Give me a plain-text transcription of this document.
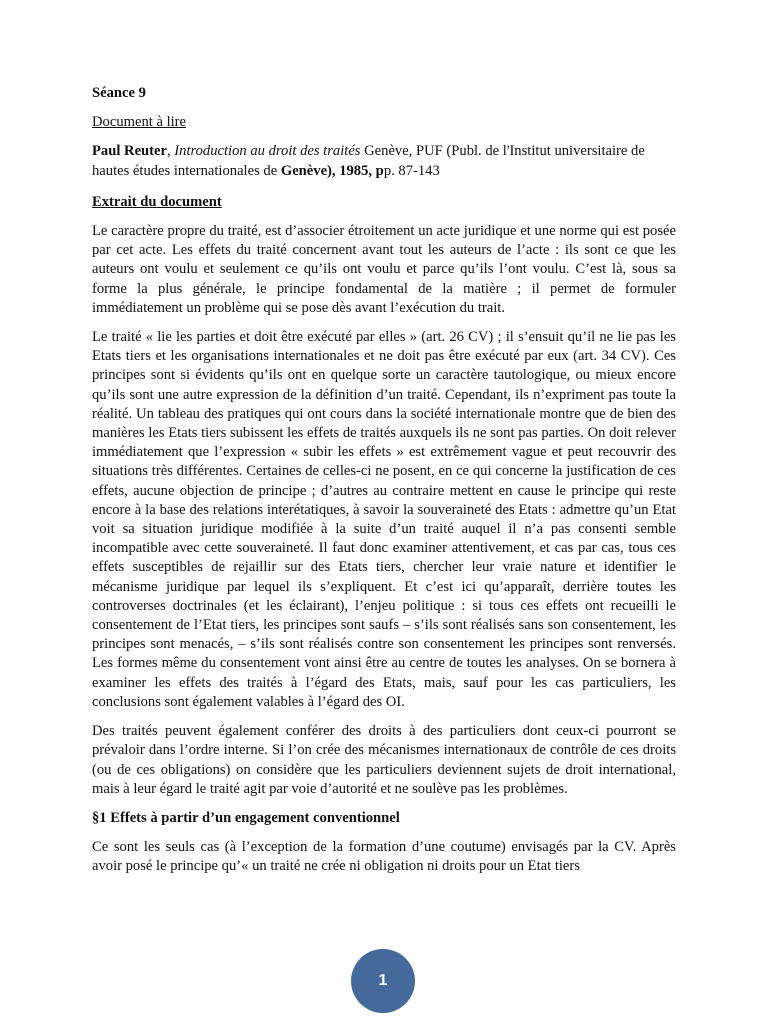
Séance 9

Document à lire

Paul Reuter, Introduction au droit des traités Genève, PUF (Publ. de l'Institut universitaire de hautes études internationales de Genève), 1985, pp. 87-143

Extrait du document

Le caractère propre du traité, est d’associer étroitement un acte juridique et une norme qui est posée par cet acte. Les effets du traité concernent avant tout les auteurs de l’acte : ils sont ce que les auteurs ont voulu et seulement ce qu’ils ont voulu et parce qu’ils l’ont voulu. C’est là, sous sa forme la plus générale, le principe fondamental de la matière ; il permet de formuler immédiatement un problème qui se pose dès avant l’exécution du trait.

Le traité « lie les parties et doit être exécuté par elles » (art. 26 CV) ; il s’ensuit qu’il ne lie pas les Etats tiers et les organisations internationales et ne doit pas être exécuté par eux (art. 34 CV). Ces principes sont si évidents qu’ils ont en quelque sorte un caractère tautologique, ou mieux encore qu’ils sont une autre expression de la définition d’un traité. Cependant, ils n’expriment pas toute la réalité. Un tableau des pratiques qui ont cours dans la société internationale montre que de bien des manières les Etats tiers subissent les effets de traités auxquels ils ne sont pas parties. On doit relever immédiatement que l’expression « subir les effets » est extrêmement vague et peut recouvrir des situations très différentes. Certaines de celles-ci ne posent, en ce qui concerne la justification de ces effets, aucune objection de principe ; d’autres au contraire mettent en cause le principe qui reste encore à la base des relations interétatiques, à savoir la souveraineté des Etats : admettre qu’un Etat voit sa situation juridique modifiée à la suite d’un traité auquel il n’a pas consenti semble incompatible avec cette souveraineté. Il faut donc examiner attentivement, et cas par cas, tous ces effets susceptibles de rejaillir sur des Etats tiers, chercher leur vraie nature et identifier le mécanisme juridique par lequel ils s’expliquent. Et c’est ici qu’apparaît, derrière toutes les controverses doctrinales (et les éclairant), l’enjeu politique : si tous ces effets ont recueilli le consentement de l’Etat tiers, les principes sont saufs – s’ils sont réalisés sans son consentement, les principes sont menacés, – s’ils sont réalisés contre son consentement les principes sont renversés. Les formes même du consentement vont ainsi être au centre de toutes les analyses. On se bornera à examiner les effets des traités à l’égard des Etats, mais, sauf pour les cas particuliers, les conclusions sont également valables à l’égard des OI.

Des traités peuvent également conférer des droits à des particuliers dont ceux-ci pourront se prévaloir dans l’ordre interne. Si l’on crée des mécanismes internationaux de contrôle de ces droits (ou de ces obligations) on considère que les particuliers deviennent sujets de droit international, mais à leur égard le traité agit par voie d’autorité et ne soulève pas les problèmes.

§1 Effets à partir d’un engagement conventionnel

Ce sont les seuls cas (à l’exception de la formation d’une coutume) envisagés par la CV. Après avoir posé le principe qu’« un traité ne crée ni obligation ni droits pour un Etat tiers

1
